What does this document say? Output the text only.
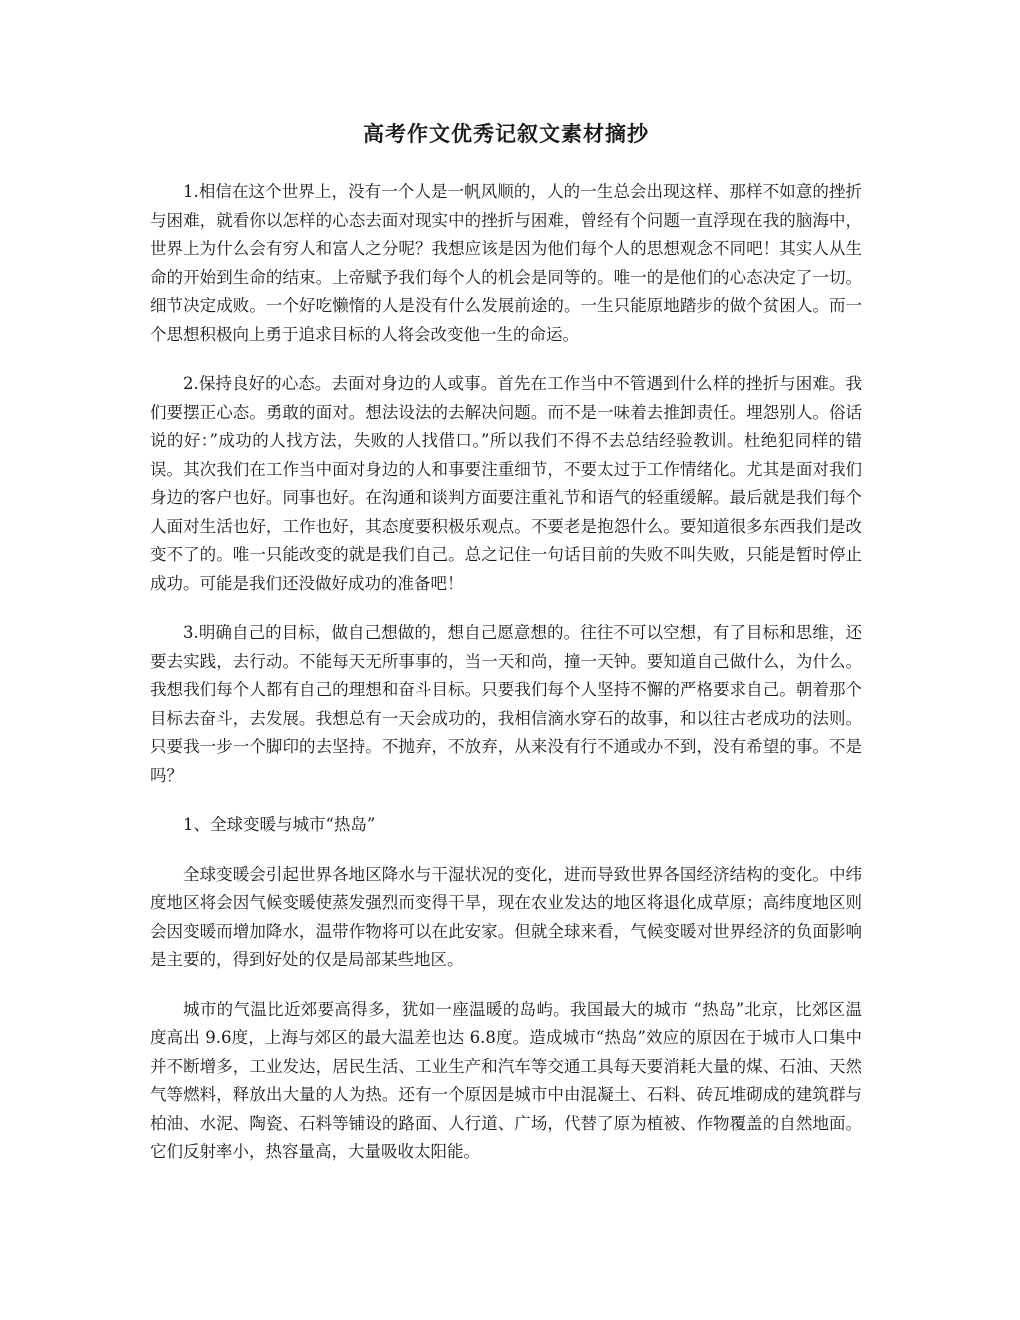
高考作文优秀记叙文素材摘抄

1.相信在这个世界上，没有一个人是一帆风顺的，人的一生总会出现这样、那样不如意的挫折与困难，就看你以怎样的心态去面对现实中的挫折与困难，曾经有个问题一直浮现在我的脑海中，世界上为什么会有穷人和富人之分呢？我想应该是因为他们每个人的思想观念不同吧！其实人从生命的开始到生命的结束。上帝赋予我们每个人的机会是同等的。唯一的是他们的心态决定了一切。细节决定成败。一个好吃懒惰的人是没有什么发展前途的。一生只能原地踏步的做个贫困人。而一个思想积极向上勇于追求目标的人将会改变他一生的命运。

2.保持良好的心态。去面对身边的人或事。首先在工作当中不管遇到什么样的挫折与困难。我们要摆正心态。勇敢的面对。想法设法的去解决问题。而不是一味着去推卸责任。埋怨别人。俗话说的好：”成功的人找方法，失败的人找借口。”所以我们不得不去总结经验教训。杜绝犯同样的错误。其次我们在工作当中面对身边的人和事要注重细节，不要太过于工作情绪化。尤其是面对我们身边的客户也好。同事也好。在沟通和谈判方面要注重礼节和语气的轻重缓解。最后就是我们每个人面对生活也好，工作也好，其态度要积极乐观点。不要老是抱怨什么。要知道很多东西我们是改变不了的。唯一只能改变的就是我们自己。总之记住一句话目前的失败不叫失败，只能是暂时停止成功。可能是我们还没做好成功的准备吧！

3.明确自己的目标，做自己想做的，想自己愿意想的。往往不可以空想，有了目标和思维，还要去实践，去行动。不能每天无所事事的，当一天和尚，撞一天钟。要知道自己做什么，为什么。我想我们每个人都有自己的理想和奋斗目标。只要我们每个人坚持不懈的严格要求自己。朝着那个目标去奋斗，去发展。我想总有一天会成功的，我相信滴水穿石的故事，和以往古老成功的法则。只要我一步一个脚印的去坚持。不抛弃，不放弃，从来没有行不通或办不到，没有希望的事。不是吗？

1、全球变暖与城市“热岛”

全球变暖会引起世界各地区降水与干湿状况的变化，进而导致世界各国经济结构的变化。中纬度地区将会因气候变暖使蒸发强烈而变得干旱，现在农业发达的地区将退化成草原；高纬度地区则会因变暖而增加降水，温带作物将可以在此安家。但就全球来看，气候变暖对世界经济的负面影响是主要的，得到好处的仅是局部某些地区。

城市的气温比近郊要高得多，犹如一座温暖的岛屿。我国最大的城市 “热岛”北京，比郊区温度高出 9.6度，上海与郊区的最大温差也达 6.8度。造成城市“热岛”效应的原因在于城市人口集中并不断增多，工业发达，居民生活、工业生产和汽车等交通工具每天要消耗大量的煤、石油、天然气等燃料，释放出大量的人为热。还有一个原因是城市中由混凝土、石料、砖瓦堆砌成的建筑群与柏油、水泥、陶瓷、石料等铺设的路面、人行道、广场，代替了原为植被、作物覆盖的自然地面。它们反射率小，热容量高，大量吸收太阳能。
